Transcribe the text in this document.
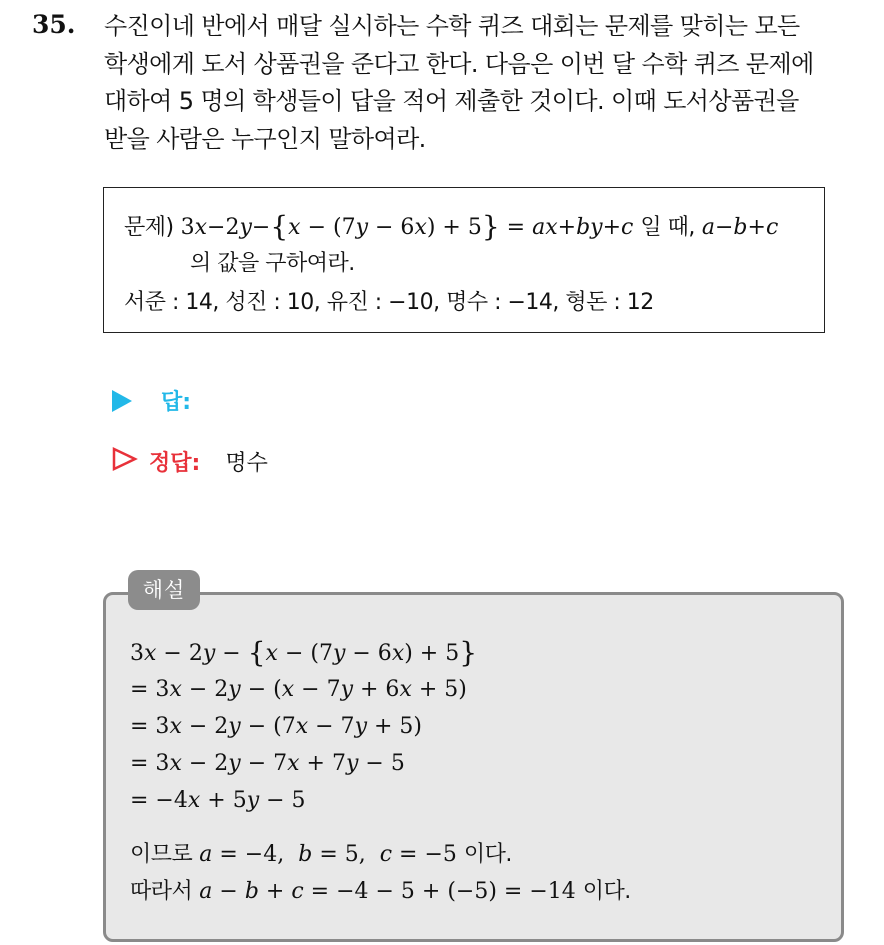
35. 수진이네 반에서 매달 실시하는 수학 퀴즈 대회는 문제를 맞히는 모든
학생에게 도서 상품권을 준다고 한다. 다음은 이번 달 수학 퀴즈 문제에
대하여 5 명의 학생들이 답을 적어 제출한 것이다. 이때 도서상품권을
받을 사람은 누구인지 말하여라.
문제) 3x−2y−{x − (7y − 6x) + 5} = ax+by+c 일 때, a−b+c
의 값을 구하여라.
서준 : 14, 성진 : 10, 유진 : −10, 명수 : −14, 형돈 : 12
답:
정답: 명수
해설
3x − 2y − {x − (7y − 6x) + 5}
= 3x − 2y − (x − 7y + 6x + 5)
= 3x − 2y − (7x − 7y + 5)
= 3x − 2y − 7x + 7y − 5
= −4x + 5y − 5
이므로 a = −4,  b = 5,  c = −5 이다.
따라서 a − b + c = −4 − 5 + (−5) = −14 이다.
